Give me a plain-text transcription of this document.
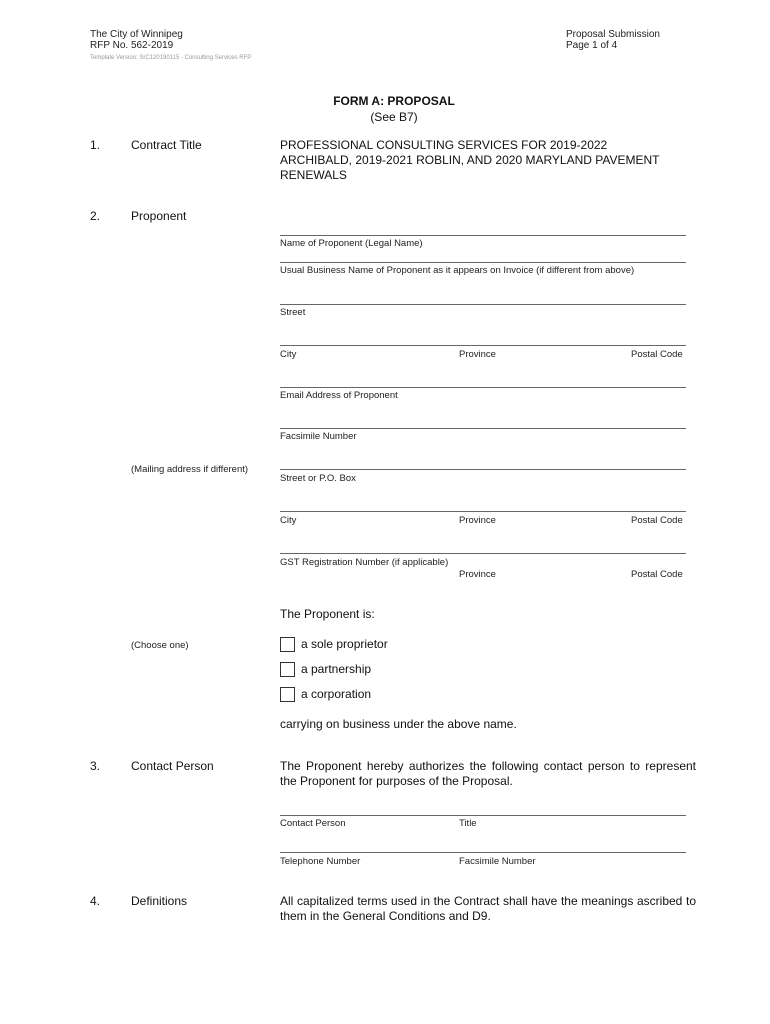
The City of Winnipeg
RFP No. 562-2019
Template Version: SrC120190115 - Consulting Services RFP
Proposal Submission
Page 1 of 4
FORM A: PROPOSAL
(See B7)
1.	Contract Title	PROFESSIONAL CONSULTING SERVICES FOR 2019-2022
ARCHIBALD, 2019-2021 ROBLIN, AND 2020 MARYLAND PAVEMENT
RENEWALS
2.	Proponent
Name of Proponent (Legal Name)
Usual Business Name of Proponent as it appears on Invoice (if different from above)
Street
City	Province	Postal Code
Email Address of Proponent
Facsimile Number
(Mailing address if different)
Street or P.O. Box
City	Province	Postal Code
GST Registration Number (if applicable)
Province	Postal Code
The Proponent is:
(Choose one)	a sole proprietor
a partnership
a corporation
carrying on business under the above name.
3.	Contact Person	The Proponent hereby authorizes the following contact person to represent the Proponent for purposes of the Proposal.
Contact Person	Title
Telephone Number	Facsimile Number
4.	Definitions	All capitalized terms used in the Contract shall have the meanings ascribed to them in the General Conditions and D9.
